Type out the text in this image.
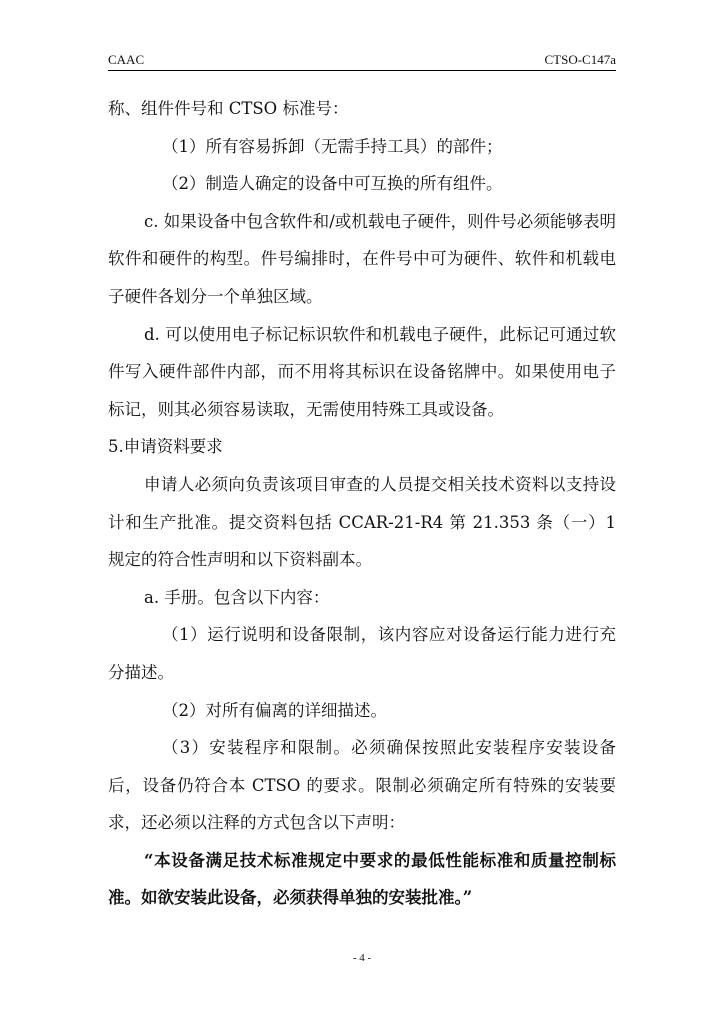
CAAC	CTSO-C147a

称、组件件号和 CTSO 标准号：

（1）所有容易拆卸（无需手持工具）的部件；

（2）制造人确定的设备中可互换的所有组件。

c. 如果设备中包含软件和/或机载电子硬件，则件号必须能够表明软件和硬件的构型。件号编排时，在件号中可为硬件、软件和机载电子硬件各划分一个单独区域。

d. 可以使用电子标记标识软件和机载电子硬件，此标记可通过软件写入硬件部件内部，而不用将其标识在设备铭牌中。如果使用电子标记，则其必须容易读取，无需使用特殊工具或设备。

5.申请资料要求

申请人必须向负责该项目审查的人员提交相关技术资料以支持设计和生产批准。提交资料包括 CCAR-21-R4 第 21.353 条（一）1 规定的符合性声明和以下资料副本。

a. 手册。包含以下内容：

（1）运行说明和设备限制，该内容应对设备运行能力进行充分描述。

（2）对所有偏离的详细描述。

（3）安装程序和限制。必须确保按照此安装程序安装设备后，设备仍符合本 CTSO 的要求。限制必须确定所有特殊的安装要求，还必须以注释的方式包含以下声明：

“本设备满足技术标准规定中要求的最低性能标准和质量控制标准。如欲安装此设备，必须获得单独的安装批准。”

- 4 -
